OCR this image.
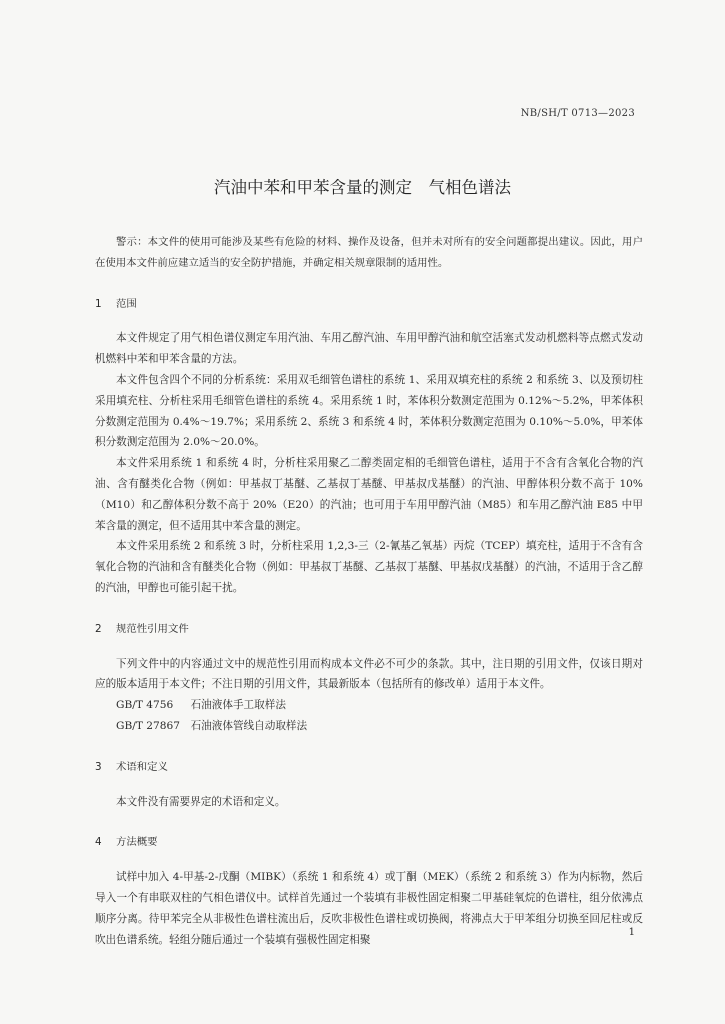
NB/SH/T 0713—2023
汽油中苯和甲苯含量的测定　气相色谱法

警示：本文件的使用可能涉及某些有危险的材料、操作及设备，但并未对所有的安全问题都提出建议。因此，用户在使用本文件前应建立适当的安全防护措施，并确定相关规章限制的适用性。

1 范围

本文件规定了用气相色谱仪测定车用汽油、车用乙醇汽油、车用甲醇汽油和航空活塞式发动机燃料等点燃式发动机燃料中苯和甲苯含量的方法。

本文件包含四个不同的分析系统：采用双毛细管色谱柱的系统 1、采用双填充柱的系统 2 和系统 3、以及预切柱采用填充柱、分析柱采用毛细管色谱柱的系统 4。采用系统 1 时，苯体积分数测定范围为 0.12%～5.2%，甲苯体积分数测定范围为 0.4%～19.7%；采用系统 2、系统 3 和系统 4 时，苯体积分数测定范围为 0.10%～5.0%，甲苯体积分数测定范围为 2.0%～20.0%。

本文件采用系统 1 和系统 4 时，分析柱采用聚乙二醇类固定相的毛细管色谱柱，适用于不含有含氧化合物的汽油、含有醚类化合物（例如：甲基叔丁基醚、乙基叔丁基醚、甲基叔戊基醚）的汽油、甲醇体积分数不高于 10%（M10）和乙醇体积分数不高于 20%（E20）的汽油；也可用于车用甲醇汽油（M85）和车用乙醇汽油 E85 中甲苯含量的测定，但不适用其中苯含量的测定。

本文件采用系统 2 和系统 3 时，分析柱采用 1,2,3-三（2-氰基乙氧基）丙烷（TCEP）填充柱，适用于不含有含氧化合物的汽油和含有醚类化合物（例如：甲基叔丁基醚、乙基叔丁基醚、甲基叔戊基醚）的汽油，不适用于含乙醇的汽油，甲醇也可能引起干扰。

2 规范性引用文件

下列文件中的内容通过文中的规范性引用而构成本文件必不可少的条款。其中，注日期的引用文件，仅该日期对应的版本适用于本文件；不注日期的引用文件，其最新版本（包括所有的修改单）适用于本文件。

GB/T 4756　 石油液体手工取样法
GB/T 27867　 石油液体管线自动取样法
3 术语和定义

本文件没有需要界定的术语和定义。

4 方法概要

试样中加入 4-甲基-2-戊酮（MIBK）（系统 1 和系统 4）或丁酮（MEK）（系统 2 和系统 3）作为内标物，然后导入一个有串联双柱的气相色谱仪中。试样首先通过一个装填有非极性固定相聚二甲基硅氧烷的色谱柱，组分依沸点顺序分离。待甲苯完全从非极性色谱柱流出后，反吹非极性色谱柱或切换阀，将沸点大于甲苯组分切换至回尼柱或反吹出色谱系统。轻组分随后通过一个装填有强极性固定相聚

1
